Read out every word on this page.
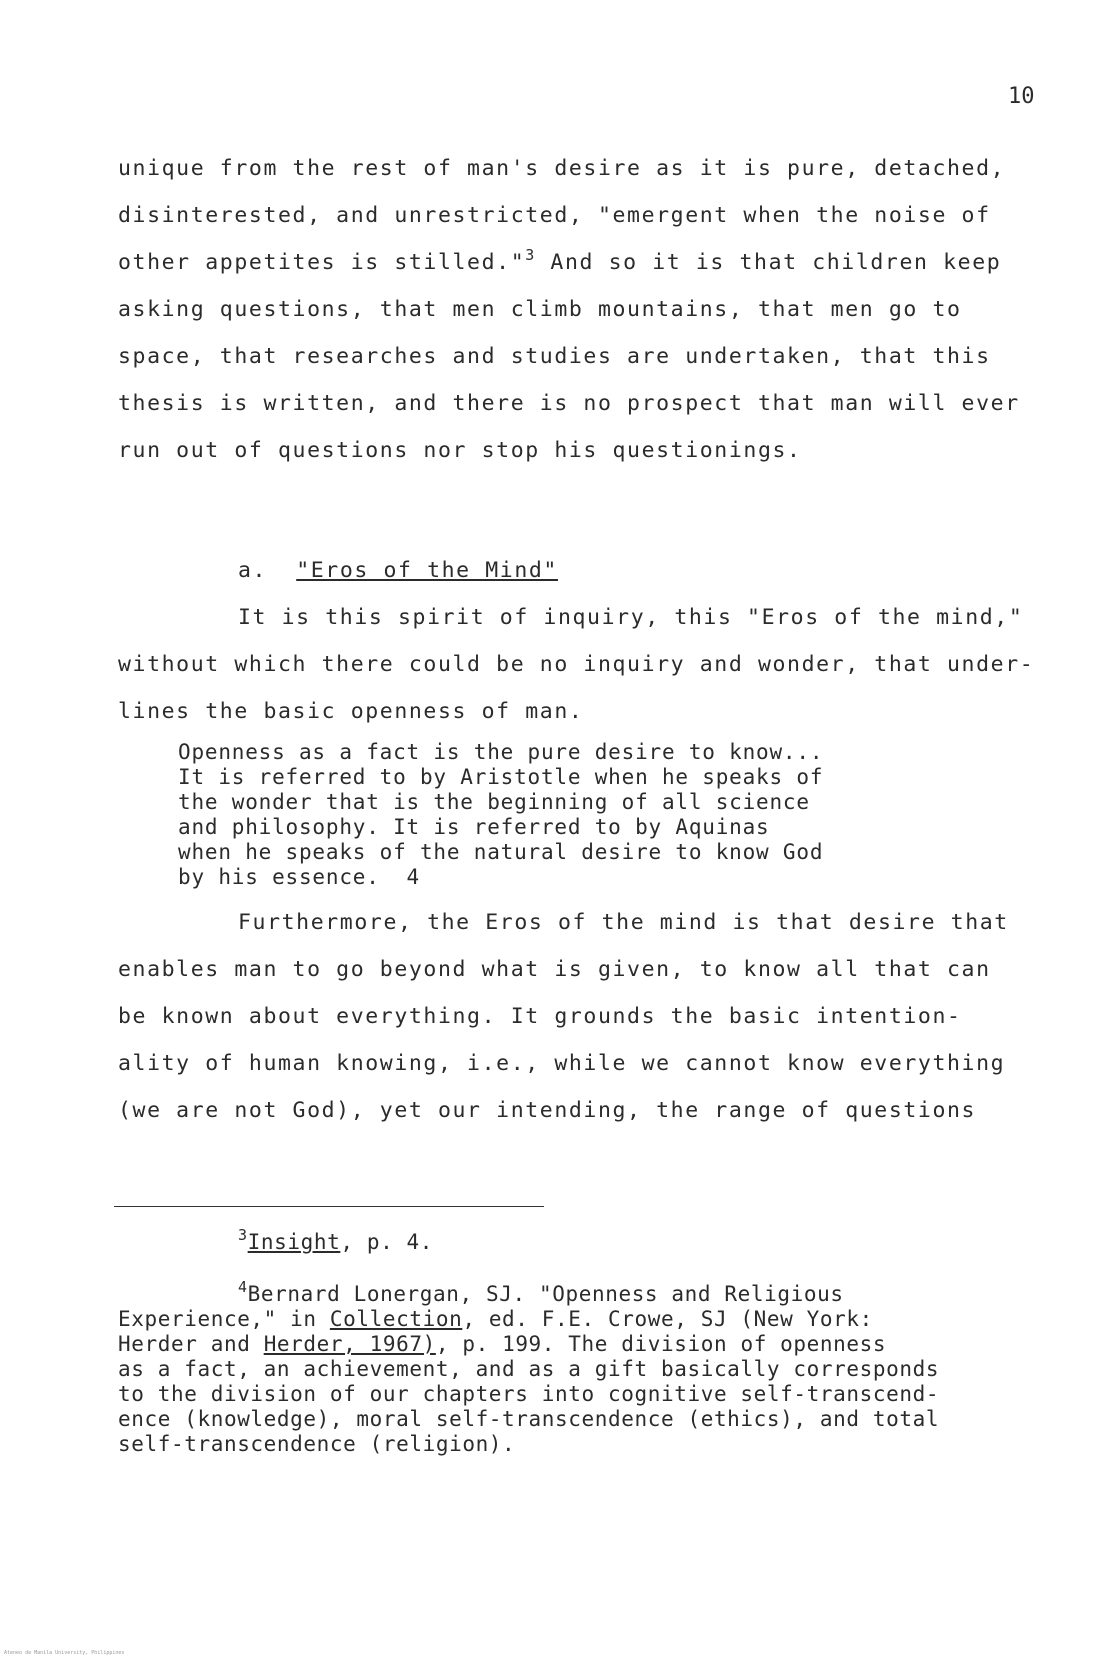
10
unique from the rest of man's desire as it is pure, detached,
disinterested, and unrestricted, "emergent when the noise of
other appetites is stilled."$^3$ And so it is that children keep
asking questions, that men climb mountains, that men go to
space, that researches and studies are undertaken, that this
thesis is written, and there is no prospect that man will ever
run out of questions nor stop his questionings.
a. "Eros of the Mind"
It is this spirit of inquiry, this "Eros of the mind,"
without which there could be no inquiry and wonder, that under-
lines the basic openness of man.
Openness as a fact is the pure desire to know...
It is referred to by Aristotle when he speaks of
the wonder that is the beginning of all science
and philosophy. It is referred to by Aquinas
when he speaks of the natural desire to know God
by his essence. 4
Furthermore, the Eros of the mind is that desire that
enables man to go beyond what is given, to know all that can
be known about everything. It grounds the basic intention-
ality of human knowing, i.e., while we cannot know everything
(we are not God), yet our intending, the range of questions
$^3$Insight, p. 4.
$^4$Bernard Lonergan, SJ. "Openness and Religious
Experience," in Collection, ed. F.E. Crowe, SJ (New York:
Herder and Herder, 1967), p. 199. The division of openness
as a fact, an achievement, and as a gift basically corresponds
to the division of our chapters into cognitive self-transcend-
ence (knowledge), moral self-transcendence (ethics), and total
self-transcendence (religion).
Ateneo de Manila University, Philippines
